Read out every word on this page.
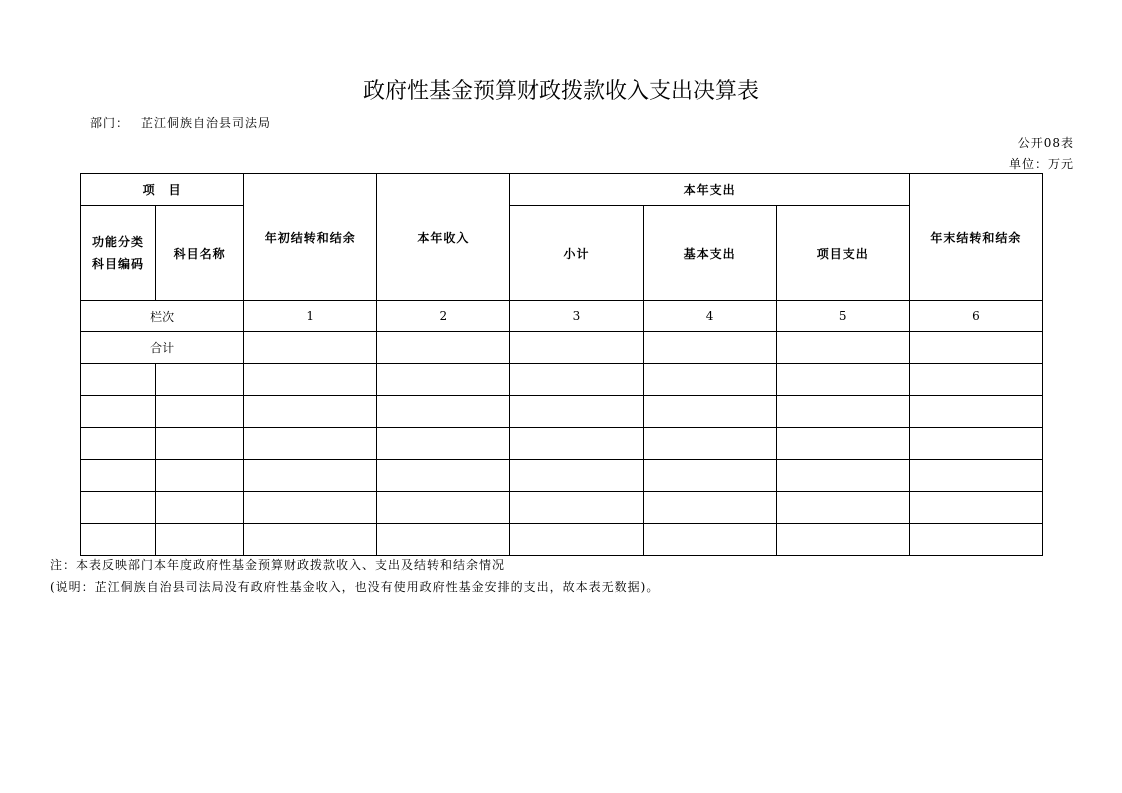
政府性基金预算财政拨款收入支出决算表
部门： 芷江侗族自治县司法局
公开08表
单位：万元
项　目		年初结转和结余	本年收入	本年支出			年末结转和结余
功能分类科目编码	科目名称			小计	基本支出	项目支出	
栏次		1	2	3	4	5	6
合计							

注：本表反映部门本年度政府性基金预算财政拨款收入、支出及结转和结余情况
(说明：芷江侗族自治县司法局没有政府性基金收入，也没有使用政府性基金安排的支出，故本表无数据)。
